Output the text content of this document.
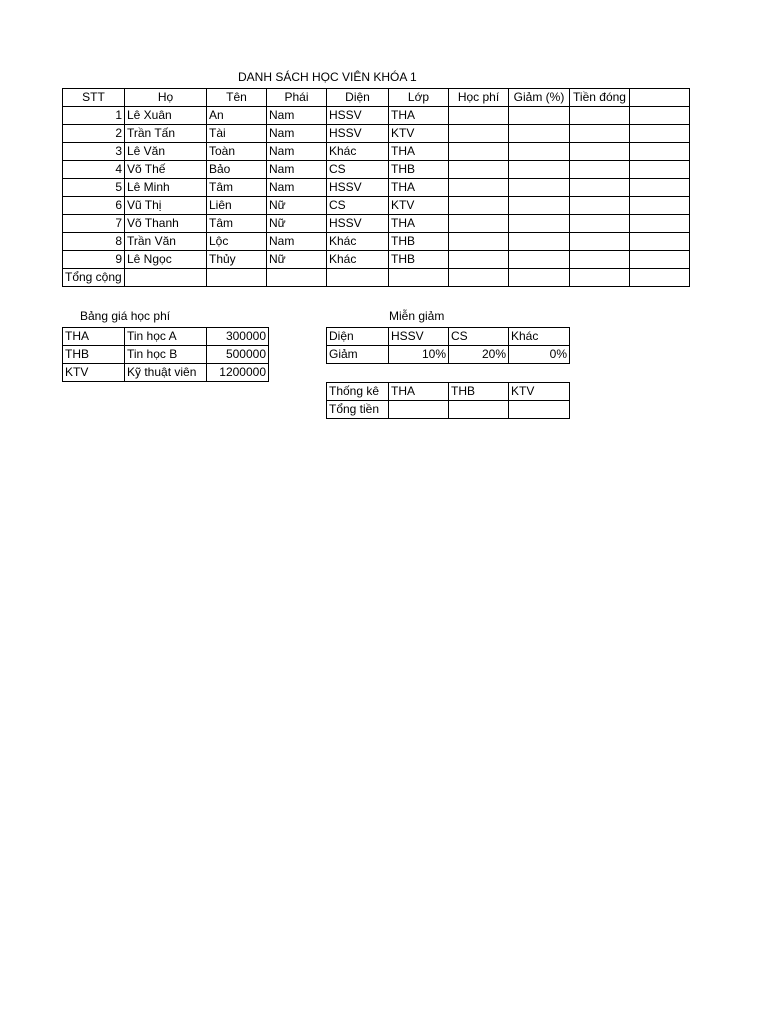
DANH SÁCH HỌC VIÊN KHÓA 1
STT	Họ	Tên	Phái	Diện	Lớp	Học phí	Giảm (%)	Tiền đóng	
1	Lê Xuân	An	Nam	HSSV	THA				
2	Trần Tấn	Tài	Nam	HSSV	KTV				
3	Lê Văn	Toàn	Nam	Khác	THA				
4	Võ Thế	Bảo	Nam	CS	THB				
5	Lê Minh	Tâm	Nam	HSSV	THA				
6	Vũ Thị	Liên	Nữ	CS	KTV				
7	Võ Thanh	Tâm	Nữ	HSSV	THA				
8	Trần Văn	Lộc	Nam	Khác	THB				
9	Lê Ngọc	Thủy	Nữ	Khác	THB				
Tổng cộng									
Bảng giá học phí	Miễn giảm
THA	Tin học A	300000
THB	Tin học B	500000
KTV	Kỹ thuật viên	1200000
Diện	HSSV	CS	Khác
Giảm	10%	20%	0%
Thống kê	THA	THB	KTV
Tổng tiền			
